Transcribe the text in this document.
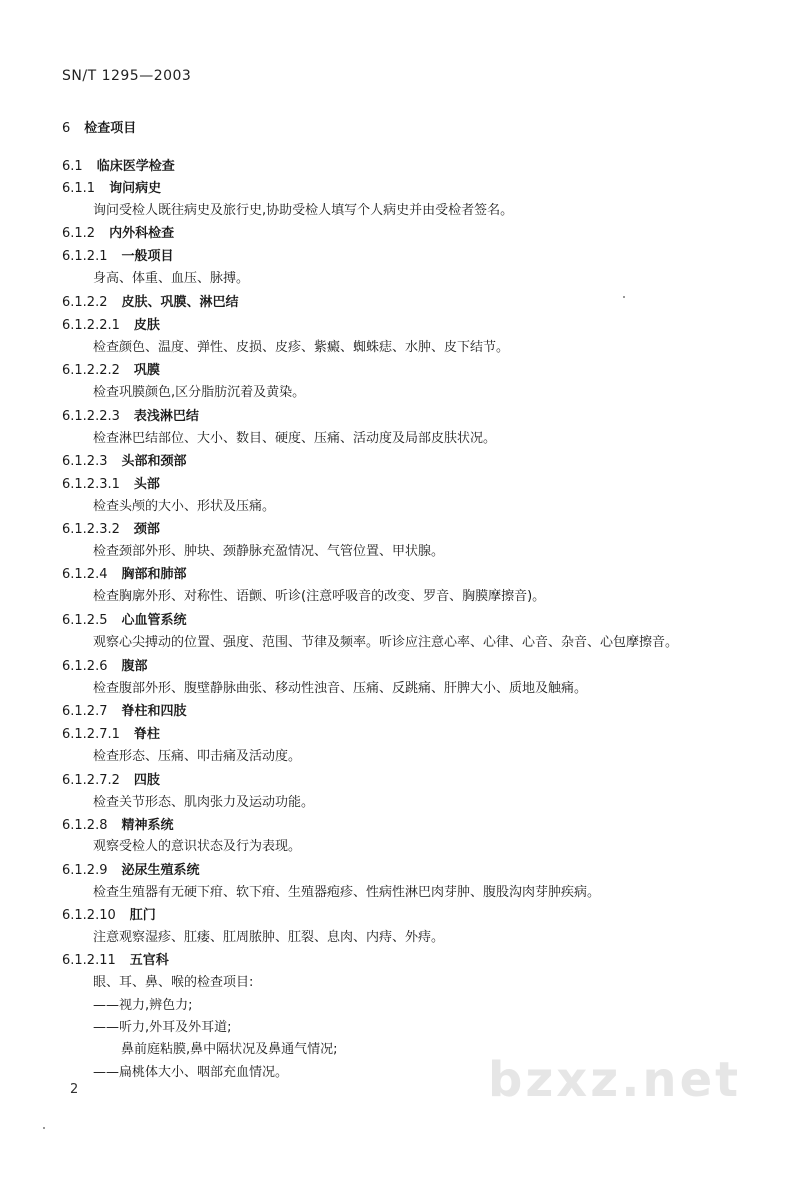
SN/T 1295—2003
6 检查项目
6.1 临床医学检查
6.1.1 询问病史
询问受检人既往病史及旅行史,协助受检人填写个人病史并由受检者签名。
6.1.2 内外科检查
6.1.2.1 一般项目
身高、体重、血压、脉搏。
6.1.2.2 皮肤、巩膜、淋巴结
6.1.2.2.1 皮肤
检查颜色、温度、弹性、皮损、皮疹、紫癜、蜘蛛痣、水肿、皮下结节。
6.1.2.2.2 巩膜
检查巩膜颜色,区分脂肪沉着及黄染。
6.1.2.2.3 表浅淋巴结
检查淋巴结部位、大小、数目、硬度、压痛、活动度及局部皮肤状况。
6.1.2.3 头部和颈部
6.1.2.3.1 头部
检查头颅的大小、形状及压痛。
6.1.2.3.2 颈部
检查颈部外形、肿块、颈静脉充盈情况、气管位置、甲状腺。
6.1.2.4 胸部和肺部
检查胸廓外形、对称性、语颤、听诊(注意呼吸音的改变、罗音、胸膜摩擦音)。
6.1.2.5 心血管系统
观察心尖搏动的位置、强度、范围、节律及频率。听诊应注意心率、心律、心音、杂音、心包摩擦音。
6.1.2.6 腹部
检查腹部外形、腹壁静脉曲张、移动性浊音、压痛、反跳痛、肝脾大小、质地及触痛。
6.1.2.7 脊柱和四肢
6.1.2.7.1 脊柱
检查形态、压痛、叩击痛及活动度。
6.1.2.7.2 四肢
检查关节形态、肌肉张力及运动功能。
6.1.2.8 精神系统
观察受检人的意识状态及行为表现。
6.1.2.9 泌尿生殖系统
检查生殖器有无硬下疳、软下疳、生殖器疱疹、性病性淋巴肉芽肿、腹股沟肉芽肿疾病。
6.1.2.10 肛门
注意观察湿疹、肛瘘、肛周脓肿、肛裂、息肉、内痔、外痔。
6.1.2.11 五官科
眼、耳、鼻、喉的检查项目:
——视力,辨色力;
——听力,外耳及外耳道;
鼻前庭粘膜,鼻中隔状况及鼻通气情况;
——扁桃体大小、咽部充血情况。
2	bzxz.net
